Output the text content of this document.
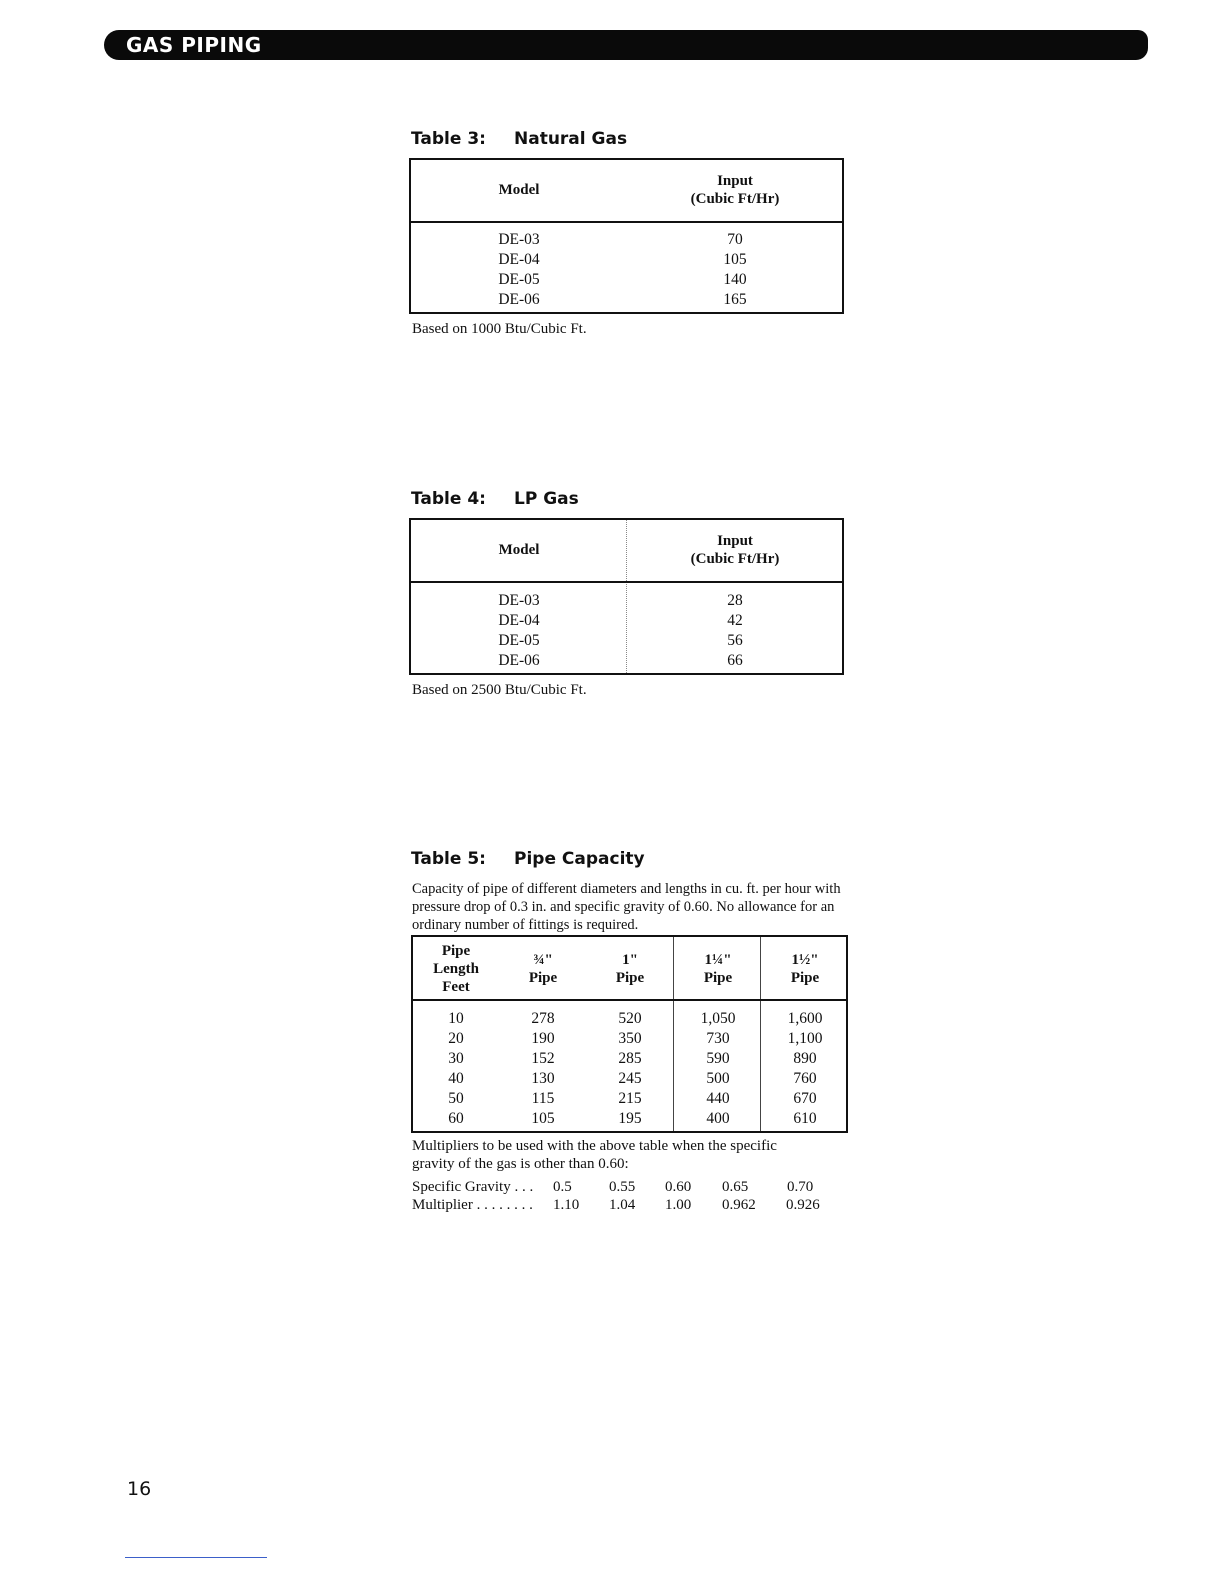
GAS PIPING
Table 3: Natural Gas
Model
Input
(Cubic Ft/Hr)
DE-03
DE-04
DE-05
DE-06
70
105
140
165
Based on 1000 Btu/Cubic Ft.
Table 4: LP Gas
Model
Input
(Cubic Ft/Hr)
DE-03
DE-04
DE-05
DE-06
28
42
56
66
Based on 2500 Btu/Cubic Ft.
Table 5: Pipe Capacity
Capacity of pipe of different diameters and lengths in cu. ft. per hour with pressure drop of 0.3 in. and specific gravity of 0.60. No allowance for an ordinary number of fittings is required.
Pipe
Length
Feet
¾"
Pipe
1"
Pipe
1¼"
Pipe
1½"
Pipe
10
20
30
40
50
60
278
190
152
130
115
105
520
350
285
245
215
195
1,050
730
590
500
440
400
1,600
1,100
890
760
670
610
Multipliers to be used with the above table when the specific gravity of the gas is other than 0.60:
Specific Gravity . . . 0.5 0.55 0.60 0.65	0.70
Multiplier . . . . . . . . 1.10 1.04 1.00 0.962 0.926
16
